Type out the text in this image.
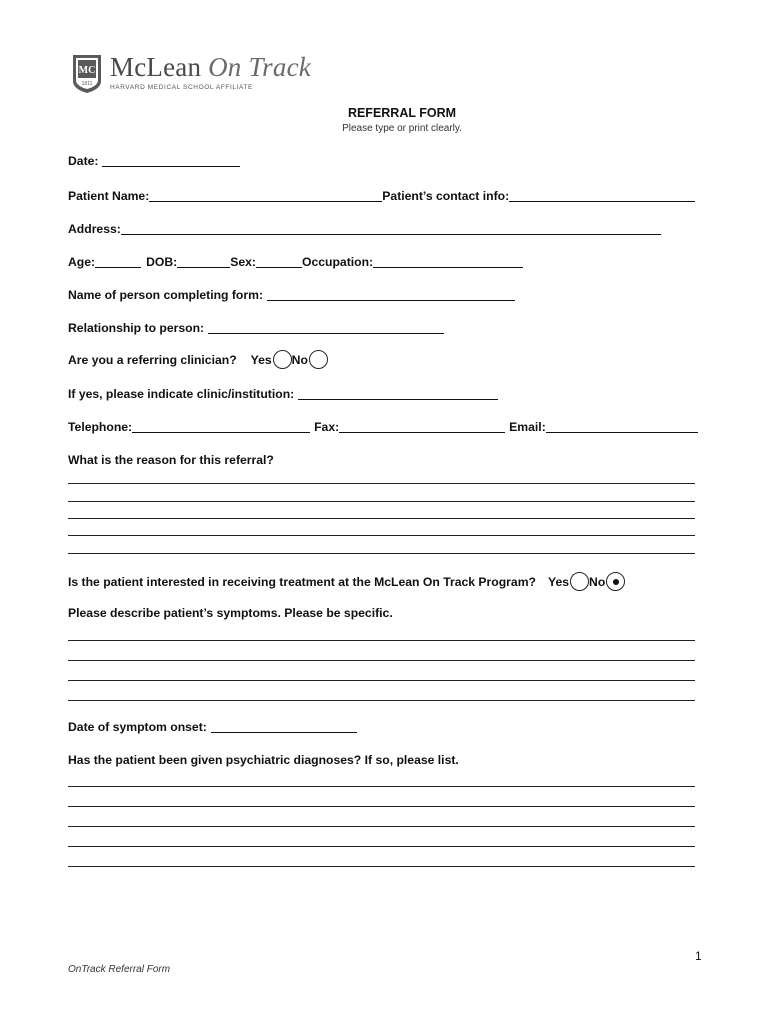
MC
1811
McLean On Track
HARVARD MEDICAL SCHOOL AFFILIATE
REFERRAL FORM
Please type or print clearly.
Date:
Patient Name:	Patient’s contact info:
Address:
Age:	DOB:	Sex:	Occupation:
Name of person completing form:
Relationship to person:
Are you a referring clinician? Yes No
If yes, please indicate clinic/institution:
Telephone:	Fax:	Email:
What is the reason for this referral?
Is the patient interested in receiving treatment at the McLean On Track Program? Yes No
Please describe patient’s symptoms. Please be specific.
Date of symptom onset:
Has the patient been given psychiatric diagnoses? If so, please list.
1
OnTrack Referral Form
